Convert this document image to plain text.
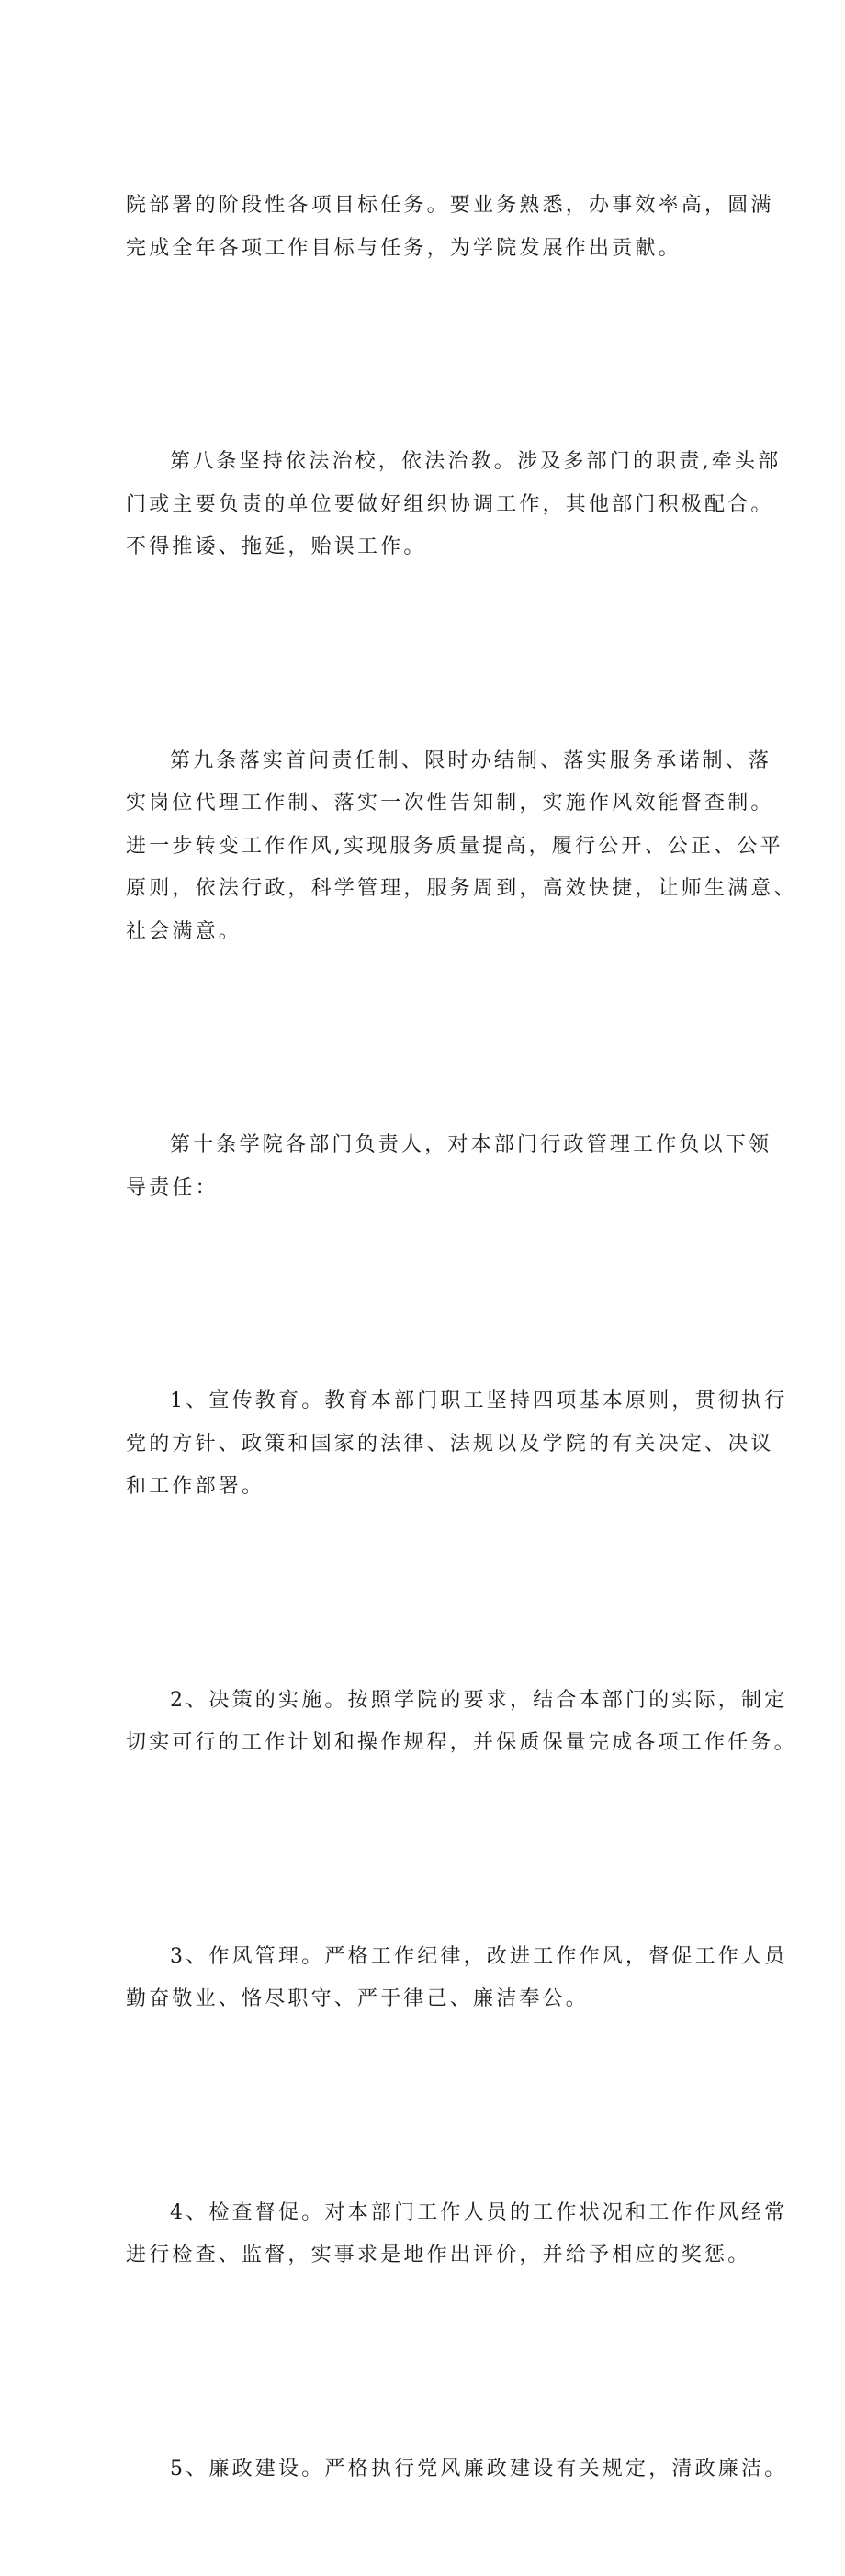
院部署的阶段性各项目标任务。要业务熟悉，办事效率高，圆满
完成全年各项工作目标与任务，为学院发展作出贡献。

第八条坚持依法治校，依法治教。涉及多部门的职责,牵头部
门或主要负责的单位要做好组织协调工作，其他部门积极配合。
不得推诿、拖延，贻误工作。

第九条落实首问责任制、限时办结制、落实服务承诺制、落
实岗位代理工作制、落实一次性告知制，实施作风效能督查制。
进一步转变工作作风,实现服务质量提高，履行公开、公正、公平
原则，依法行政，科学管理，服务周到，高效快捷，让师生满意、
社会满意。

第十条学院各部门负责人，对本部门行政管理工作负以下领
导责任：

1、宣传教育。教育本部门职工坚持四项基本原则，贯彻执行
党的方针、政策和国家的法律、法规以及学院的有关决定、决议
和工作部署。

2、决策的实施。按照学院的要求，结合本部门的实际，制定
切实可行的工作计划和操作规程，并保质保量完成各项工作任务。

3、作风管理。严格工作纪律，改进工作作风，督促工作人员
勤奋敬业、恪尽职守、严于律己、廉洁奉公。

4、检查督促。对本部门工作人员的工作状况和工作作风经常
进行检查、监督，实事求是地作出评价，并给予相应的奖惩。

5、廉政建设。严格执行党风廉政建设有关规定，清政廉洁。
